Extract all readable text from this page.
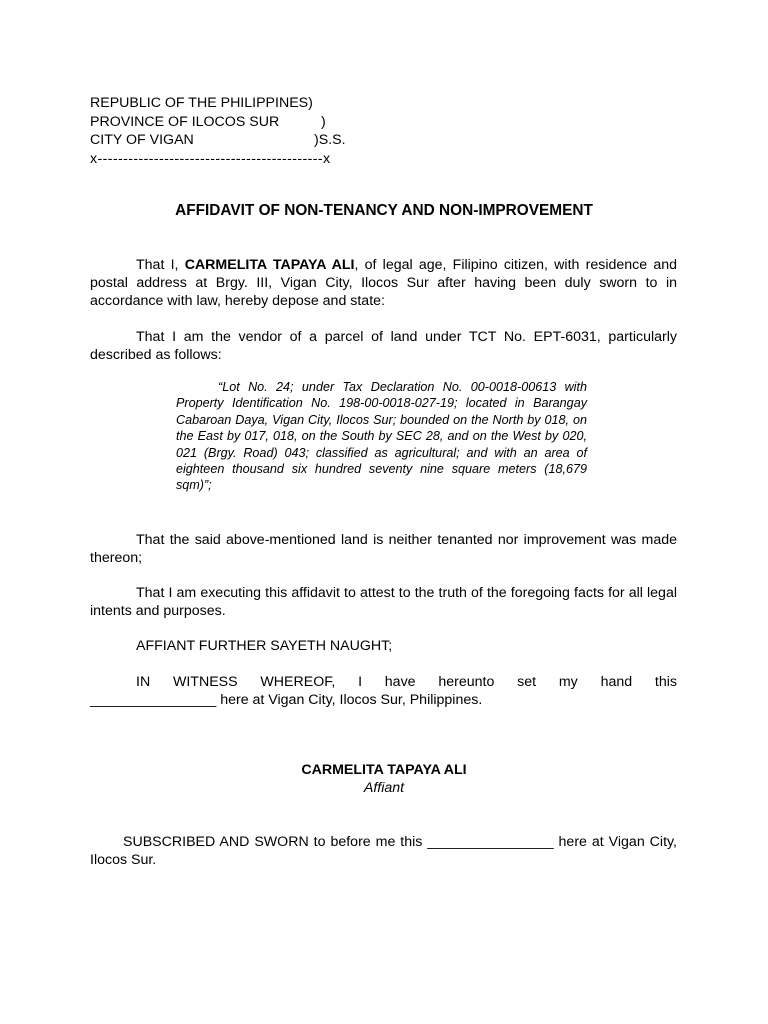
REPUBLIC OF THE PHILIPPINES)
PROVINCE OF ILOCOS SUR	)
CITY OF VIGAN	)S.S.
x--------------------------------------------x
AFFIDAVIT OF NON-TENANCY AND NON-IMPROVEMENT
That I, CARMELITA TAPAYA ALI, of legal age, Filipino citizen, with residence and postal address at Brgy. III, Vigan City, Ilocos Sur after having been duly sworn to in accordance with law, hereby depose and state:
That I am the vendor of a parcel of land under TCT No. EPT-6031, particularly described as follows:
“Lot No. 24; under Tax Declaration No. 00-0018-00613 with Property Identification No. 198-00-0018-027-19; located in Barangay Cabaroan Daya, Vigan City, Ilocos Sur; bounded on the North by 018, on the East by 017, 018, on the South by SEC 28, and on the West by 020, 021 (Brgy. Road) 043; classified as agricultural; and with an area of eighteen thousand six hundred seventy nine square meters (18,679 sqm)”;
That the said above-mentioned land is neither tenanted nor improvement was made thereon;
That I am executing this affidavit to attest to the truth of the foregoing facts for all legal intents and purposes.
AFFIANT FURTHER SAYETH NAUGHT;
IN WITNESS WHEREOF, I have hereunto set my hand this
________________ here at Vigan City, Ilocos Sur, Philippines.
CARMELITA TAPAYA ALI
Affiant
SUBSCRIBED AND SWORN to before me this ________________ here at Vigan City, Ilocos Sur.
